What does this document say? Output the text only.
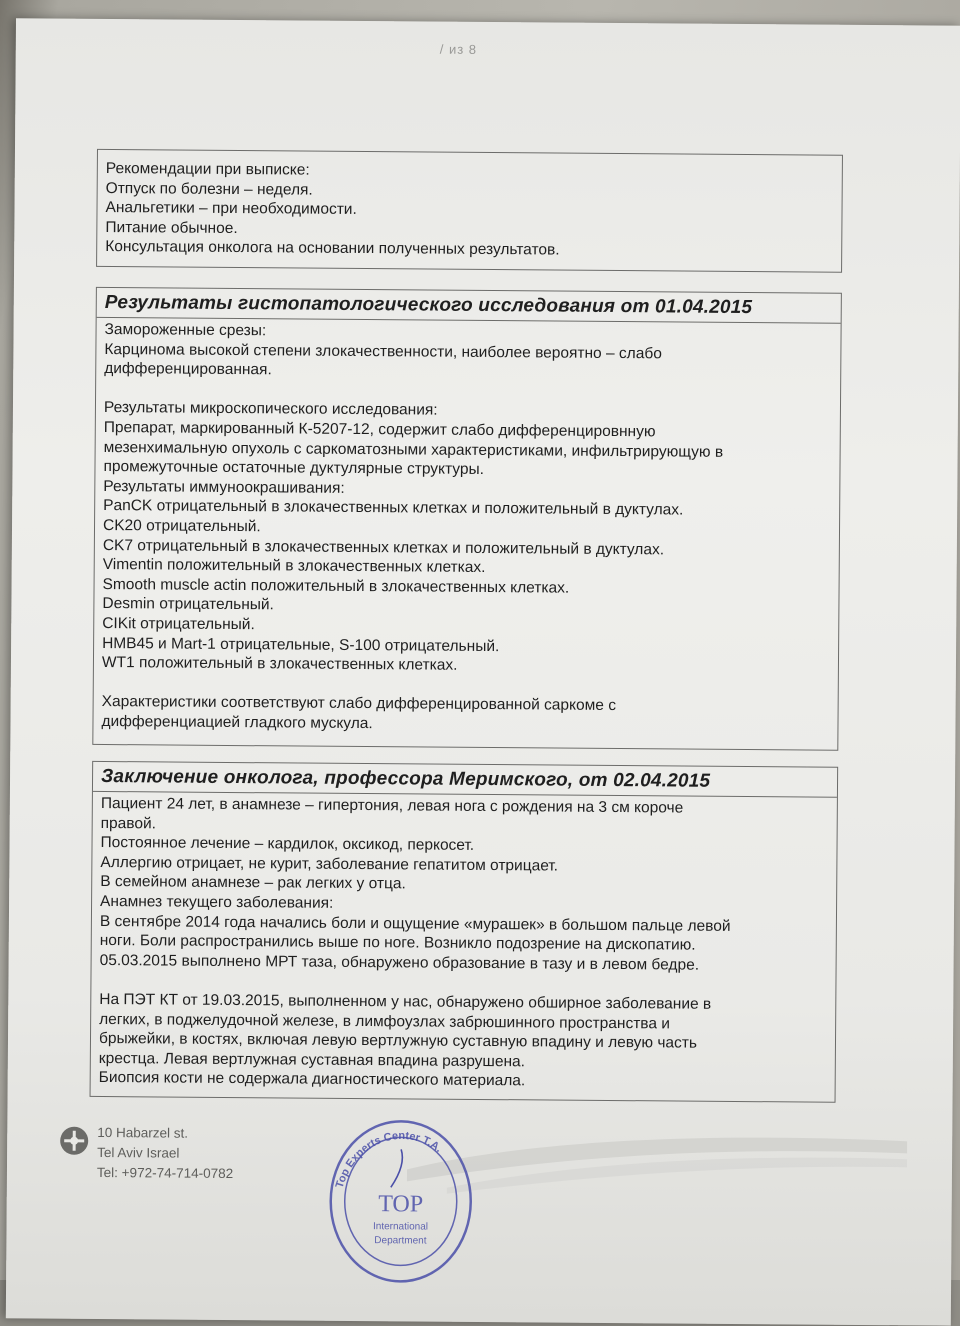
/ из 8
Рекомендации при выписке:
Отпуск по болезни – неделя.
Анальгетики – при необходимости.
Питание обычное.
Консультация онколога на основании полученных результатов.
Результаты гистопатологического исследования от 01.04.2015
Замороженные срезы:
Карцинома высокой степени злокачественности, наиболее вероятно – слабо
дифференцированная.
Результаты микроскопического исследования:
Препарат, маркированный К-5207-12, содержит слабо дифференцировнную
мезенхимальную опухоль с саркоматозными характеристиками, инфильтрирующую в
промежуточные остаточные дуктулярные структуры.
Результаты иммуноокрашивания:
PanCK отрицательный в злокачественных клетках и положительный в дуктулах.
CK20 отрицательный.
CK7 отрицательный в злокачественных клетках и положительный в дуктулах.
Vimentin положительный в злокачественных клетках.
Smooth muscle actin положительный в злокачественных клетках.
Desmin отрицательный.
CIKit отрицательный.
HMB45 и Mart-1 отрицательные, S-100 отрицательный.
WT1 положительный в злокачественных клетках.
Характеристики соответствуют слабо дифференцированной саркоме с
дифференциацией гладкого мускула.
Заключение онколога, профессора Меримского, от 02.04.2015
Пациент 24 лет, в анамнезе – гипертония, левая нога с рождения на 3 см короче
правой.
Постоянное лечение – кардилок, оксикод, перкосет.
Аллергию отрицает, не курит, заболевание гепатитом отрицает.
В семейном анамнезе – рак легких у отца.
Анамнез текущего заболевания:
В сентябре 2014 года начались боли и ощущение «мурашек» в большом пальце левой
ноги. Боли распространились выше по ноге. Возникло подозрение на дископатию.
05.03.2015 выполнено МРТ таза, обнаружено образование в тазу и в левом бедре.
На ПЭТ КТ от 19.03.2015, выполненном у нас, обнаружено обширное заболевание в
легких, в поджелудочной железе, в лимфоузлах забрюшинного пространства и
брыжейки, в костях, включая левую вертлужную суставную впадину и левую часть
крестца. Левая вертлужная суставная впадина разрушена.
Биопсия кости не содержала диагностического материала.
10 Habarzel st.
Tel Aviv Israel
Tel: +972-74-714-0782
Top Experts Center T.A.
TOP
International
Department
